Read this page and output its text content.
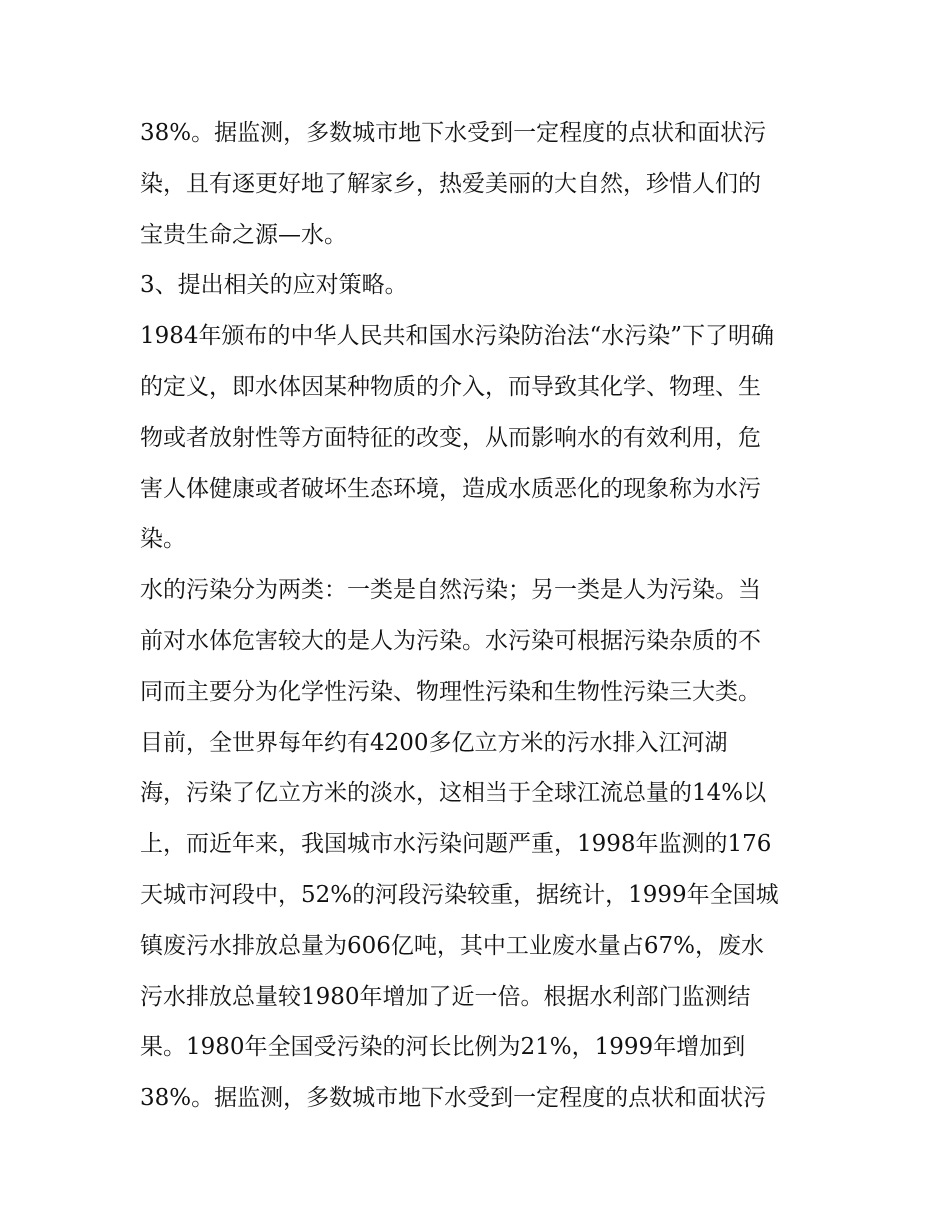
38%。据监测，多数城市地下水受到一定程度的点状和面状污
染，且有逐更好地了解家乡，热爱美丽的大自然，珍惜人们的
宝贵生命之源—水。
3、提出相关的应对策略。
1984年颁布的中华人民共和国水污染防治法“水污染”下了明确
的定义，即水体因某种物质的介入，而导致其化学、物理、生
物或者放射性等方面特征的改变，从而影响水的有效利用，危
害人体健康或者破坏生态环境，造成水质恶化的现象称为水污
染。
水的污染分为两类：一类是自然污染；另一类是人为污染。当
前对水体危害较大的是人为污染。水污染可根据污染杂质的不
同而主要分为化学性污染、物理性污染和生物性污染三大类。
目前，全世界每年约有4200多亿立方米的污水排入江河湖
海，污染了亿立方米的淡水，这相当于全球江流总量的14%以
上，而近年来，我国城市水污染问题严重，1998年监测的176
天城市河段中，52%的河段污染较重，据统计，1999年全国城
镇废污水排放总量为606亿吨，其中工业废水量占67%，废水
污水排放总量较1980年增加了近一倍。根据水利部门监测结
果。1980年全国受污染的河长比例为21%，1999年增加到
38%。据监测，多数城市地下水受到一定程度的点状和面状污
